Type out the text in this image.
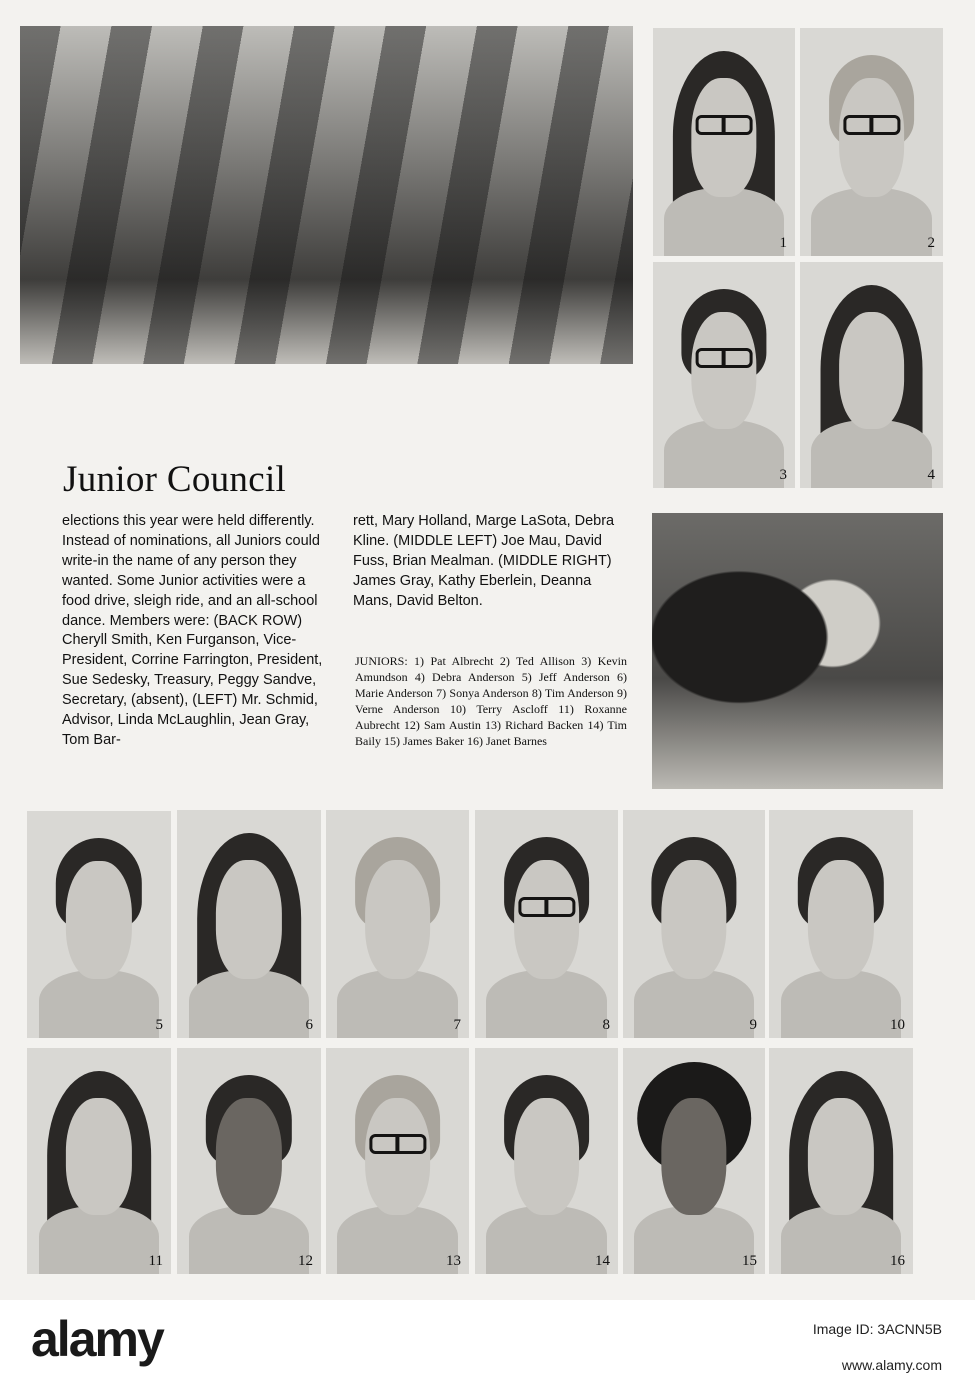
1	2
3	4
Junior Council

elections this year were held differently. Instead of nominations, all Juniors could write-in the name of any person they wanted. Some Junior activities were a food drive, sleigh ride, and an all-school dance. Members were: (BACK ROW) Cheryll Smith, Ken Furganson, Vice-President, Corrine Farrington, President, Sue Sedesky, Treasury, Peggy Sandve, Secretary, (absent), (LEFT) Mr. Schmid, Advisor, Linda McLaughlin, Jean Gray, Tom Bar-

rett, Mary Holland, Marge LaSota, Debra Kline. (MIDDLE LEFT) Joe Mau, David Fuss, Brian Mealman. (MIDDLE RIGHT) James Gray, Kathy Eberlein, Deanna Mans, David Belton.

JUNIORS: 1) Pat Albrecht 2) Ted Allison 3) Kevin Amundson 4) Debra Anderson 5) Jeff Anderson 6) Marie Anderson 7) Sonya Anderson 8) Tim Anderson 9) Verne Anderson 10) Terry Ascloff 11) Roxanne Aubrecht 12) Sam Austin 13) Richard Backen 14) Tim Baily 15) James Baker 16) Janet Barnes

5	6	7	8	9	10
11	12	13	14	15	16

alamy	Image ID: 3ACNN5B

www.alamy.com
